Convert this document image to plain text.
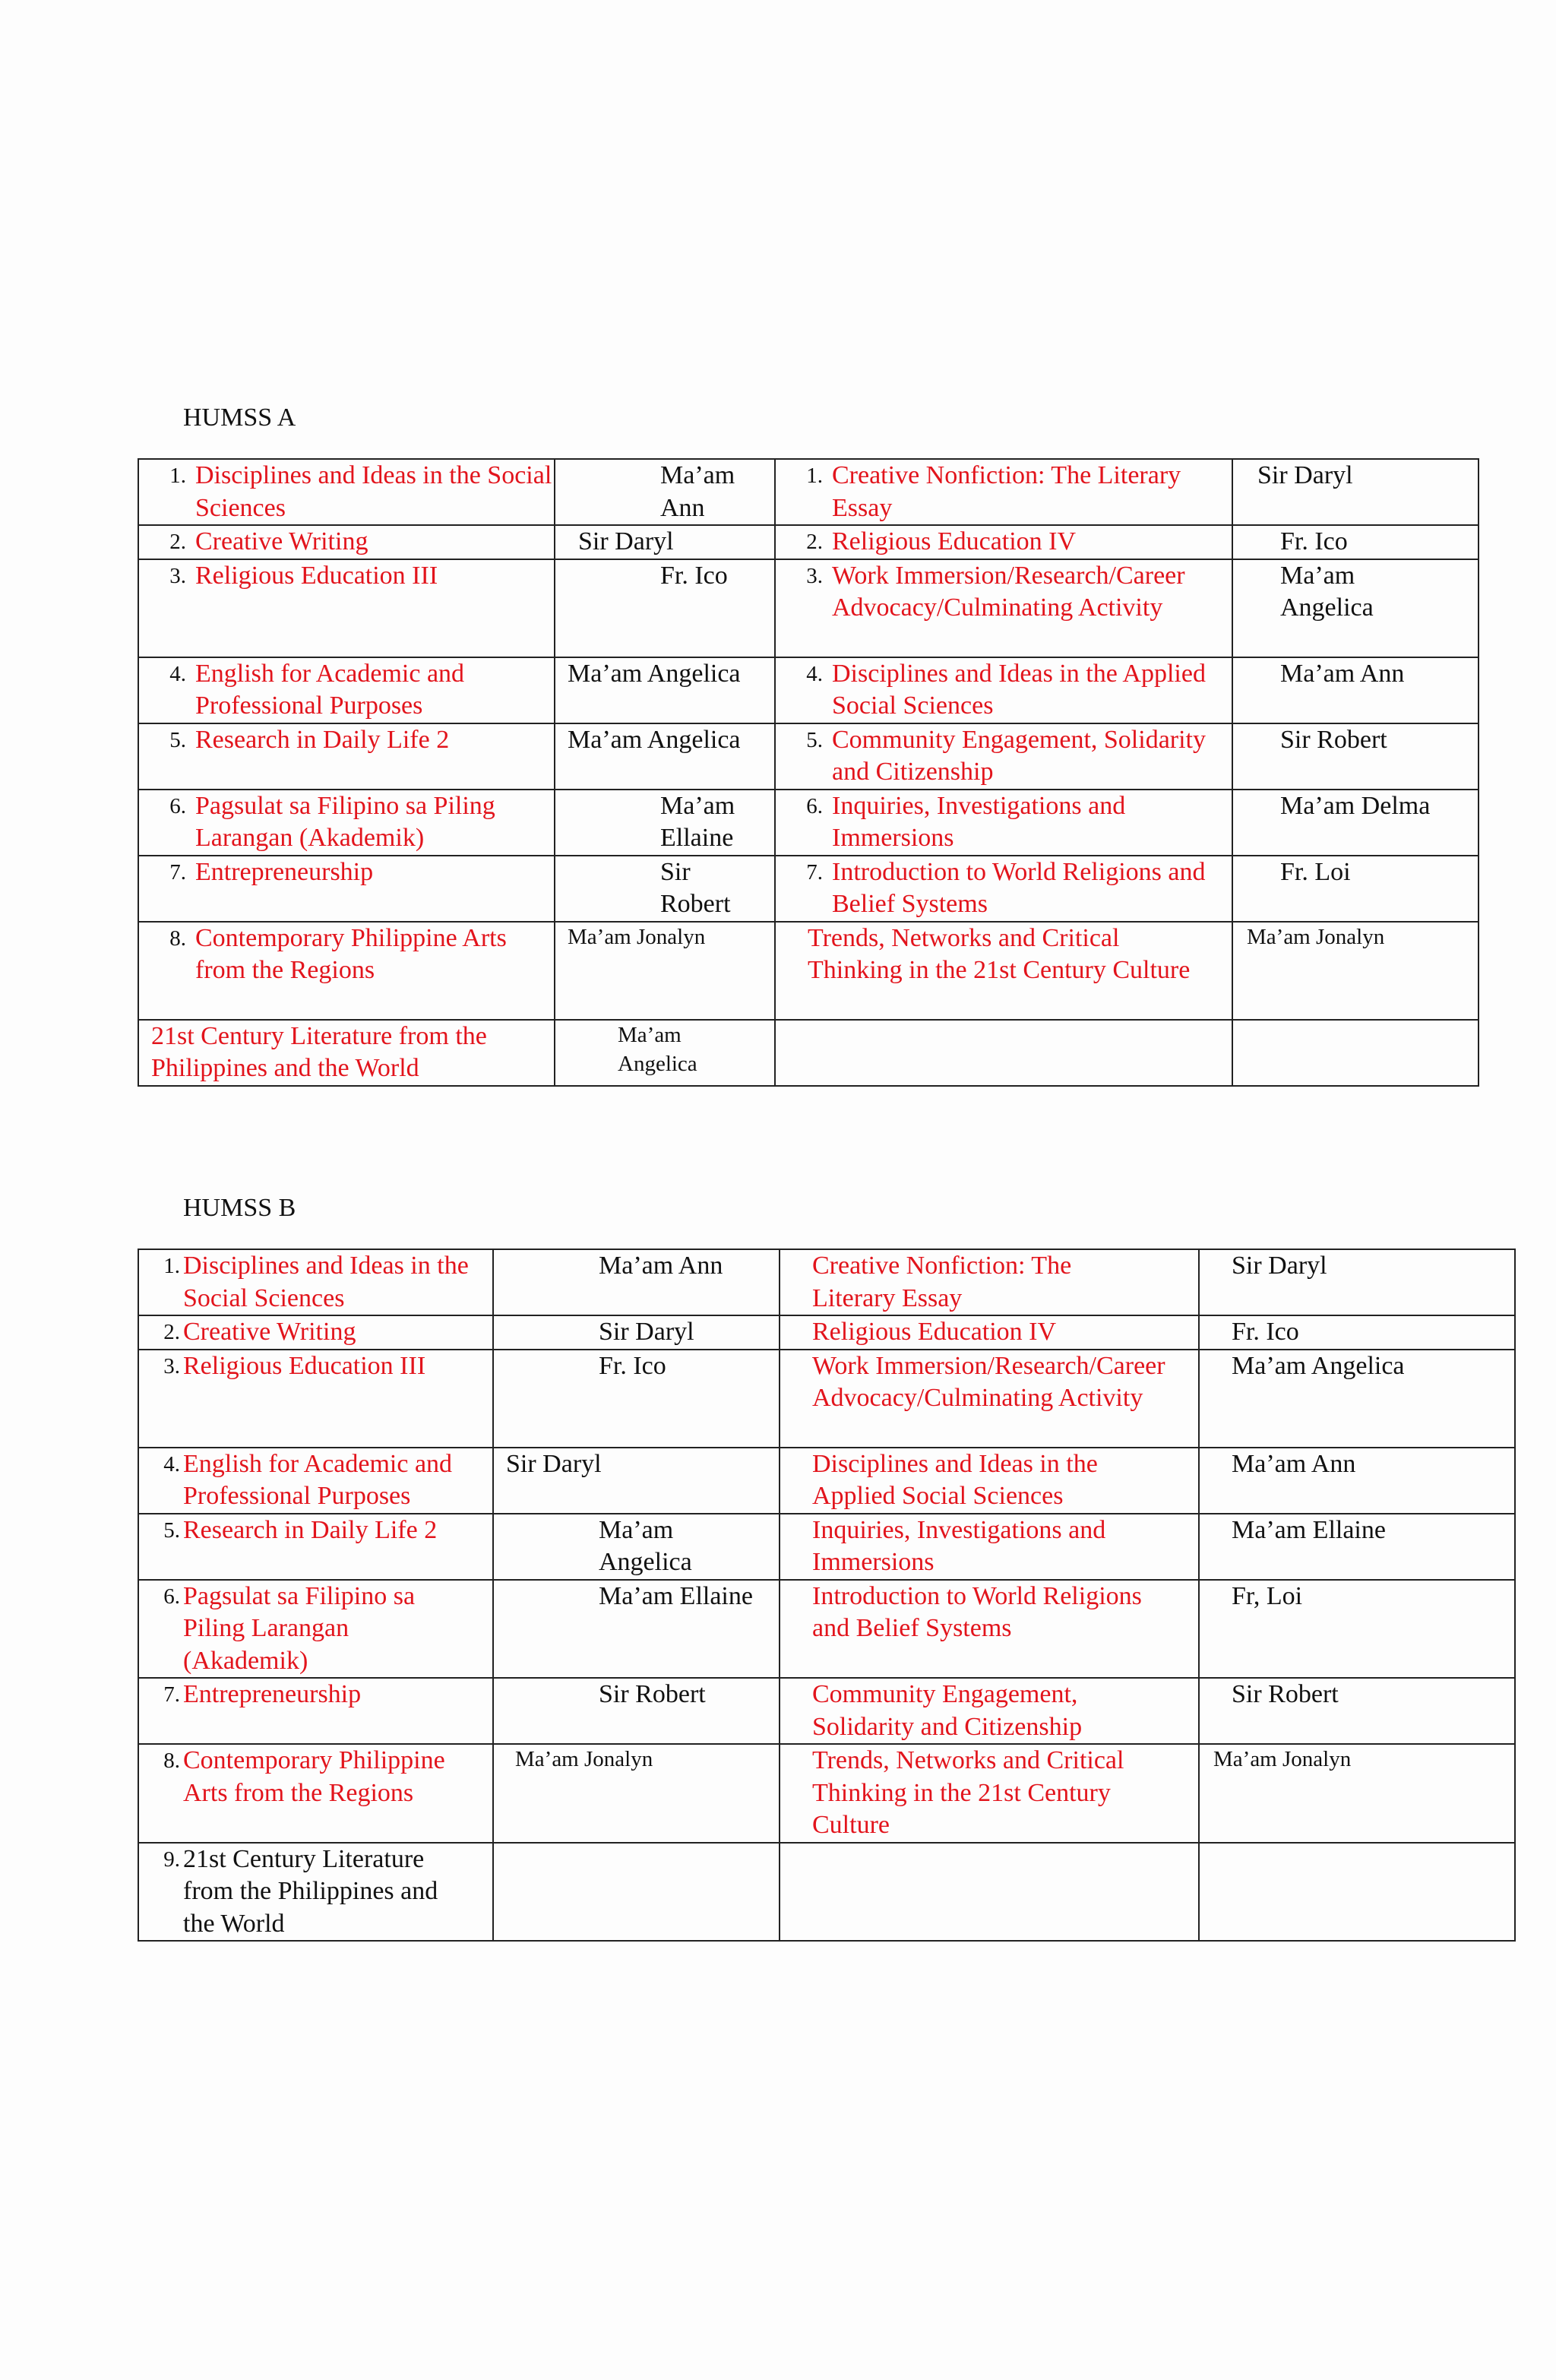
HUMSS A
1. Disciplines and Ideas in the Social Sciences	Ma’am Ann	1. Creative Nonfiction: The Literary Essay	Sir Daryl

2. Creative Writing	Sir Daryl	2. Religious Education IV	Fr. Ico

3. Religious Education III	Fr. Ico	3. Work Immersion/Research/Career Advocacy/Culminating Activity	Ma’am Angelica

4. English for Academic and Professional Purposes	Ma’am Angelica	4. Disciplines and Ideas in the Applied Social Sciences	Ma’am Ann

5. Research in Daily Life 2	Ma’am Angelica	5. Community Engagement, Solidarity and Citizenship	Sir Robert

6. Pagsulat sa Filipino sa Piling Larangan (Akademik)	Ma’am Ellaine	6. Inquiries, Investigations and Immersions	Ma’am Delma

7. Entrepreneurship	Sir Robert	7. Introduction to World Religions and Belief Systems	Fr. Loi

8. Contemporary Philippine Arts from the Regions	Ma’am Jonalyn	Trends, Networks and Critical Thinking in the 21st Century Culture	Ma’am Jonalyn

21st Century Literature from the Philippines and the World	Ma’am Angelica		

HUMSS B
1. Disciplines and Ideas in the Social Sciences	Ma’am Ann	Creative Nonfiction: The Literary Essay	Sir Daryl

2. Creative Writing	Sir Daryl	Religious Education IV	Fr. Ico

3. Religious Education III	Fr. Ico	Work Immersion/Research/Career Advocacy/Culminating Activity	Ma’am Angelica

4. English for Academic and Professional Purposes	Sir Daryl	Disciplines and Ideas in the Applied Social Sciences	Ma’am Ann

5. Research in Daily Life 2	Ma’am Angelica	Inquiries, Investigations and Immersions	Ma’am Ellaine

6. Pagsulat sa Filipino sa Piling Larangan (Akademik)	Ma’am Ellaine	Introduction to World Religions and Belief Systems	Fr, Loi

7. Entrepreneurship	Sir Robert	Community Engagement, Solidarity and Citizenship	Sir Robert

8. Contemporary Philippine Arts from the Regions	Ma’am Jonalyn	Trends, Networks and Critical Thinking in the 21st Century Culture	Ma’am Jonalyn

9. 21st Century Literature from the Philippines and the World			
